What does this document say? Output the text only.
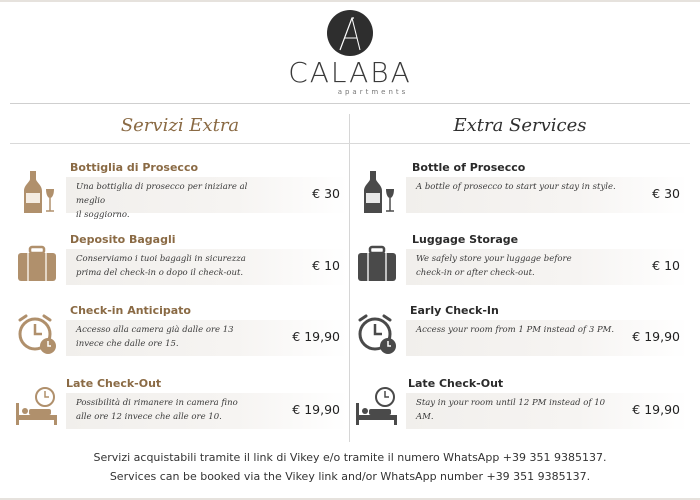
CALABA
apartments
Servizi Extra
Bottiglia di Prosecco
Una bottiglia di prosecco per iniziare al meglio
il soggiorno.
€ 30
Deposito Bagagli
Conserviamo i tuoi bagagli in sicurezza
prima del check-in o dopo il check-out.	€ 10
Check-in Anticipato
Accesso alla camera già dalle ore 13
invece che dalle ore 15.	€ 19,90
Late Check-Out
Possibilità di rimanere in camera fino
alle ore 12 invece che alle ore 10.	€ 19,90
Extra Services
Bottle of Prosecco
A bottle of prosecco to start your stay in style.	€ 30
Luggage Storage
We safely store your luggage before
check-in or after check-out.	€ 10
Early Check-In
Access your room from 1 PM instead of 3 PM. € 19,90
Late Check-Out
Stay in your room until 12 PM instead of 10 AM.	€ 19,90
Servizi acquistabili tramite il link di Vikey e/o tramite il numero WhatsApp +39 351 9385137.
Services can be booked via the Vikey link and/or WhatsApp number +39 351 9385137.
